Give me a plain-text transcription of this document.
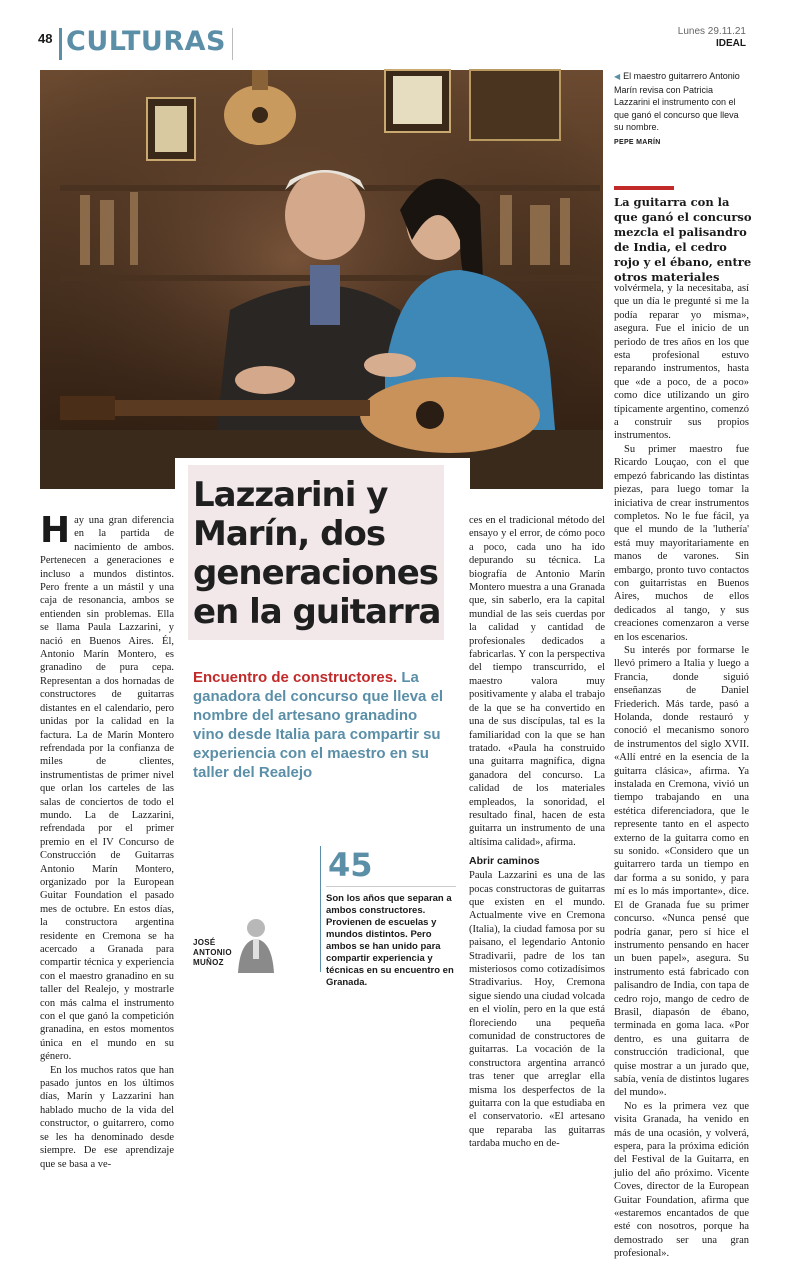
48 CULTURAS	Lunes 29.11.21
IDEAL
◀ El maestro guitarrero Antonio Marín revisa con Patricia Lazzarini el instrumento con el que ganó el concurso que lleva su nombre.
PEPE MARÍN
La guitarra con la que ganó el concurso mezcla el palisandro de India, el cedro rojo y el ébano, entre otros materiales
Lazzarini y Marín, dos generaciones en la guitarra
Encuentro de constructores. La ganadora del concurso que lleva el nombre del artesano granadino vino desde Italia para compartir su experiencia con el maestro en su taller del Realejo

Hay una gran diferencia en la partida de nacimiento de ambos. Pertenecen a generaciones e incluso a mundos distintos. Pero frente a un mástil y una caja de resonancia, ambos se entienden sin problemas. Ella se llama Paula Lazzarini, y nació en Buenos Aires. Él, Antonio Marín Montero, es granadino de pura cepa. Representan a dos hornadas de constructores de guitarras distantes en el calendario, pero unidas por la calidad en la factura. La de Marín Montero refrendada por la confianza de miles de clientes, instrumentistas de primer nivel que orlan los carteles de las salas de conciertos de todo el mundo. La de Lazzarini, refrendada por el primer premio en el IV Concurso de Construcción de Guitarras Antonio Marín Montero, organizado por la European Guitar Foundation el pasado mes de octubre. En estos días, la constructora argentina residente en Cremona se ha acercado a Granada para compartir técnica y experiencia con el maestro granadino en su taller del Realejo, y mostrarle con más calma el instrumento con el que ganó la competición granadina, en estos momentos única en el mundo en su género.

En los muchos ratos que han pasado juntos en los últimos días, Marín y Lazzarini han hablado mucho de la vida del constructor, o guitarrero, como se les ha denominado desde siempre. De ese aprendizaje que se basa a ve-

ces en el tradicional método del ensayo y el error, de cómo poco a poco, cada uno ha ido depurando su técnica. La biografía de Antonio Marín Montero muestra a una Granada que, sin saberlo, era la capital mundial de las seis cuerdas por la calidad y cantidad de profesionales dedicados a fabricarlas. Y con la perspectiva del tiempo transcurrido, el maestro valora muy positivamente y alaba el trabajo de la que se ha convertido en una de sus discípulas, tal es la familiaridad con la que se han tratado. «Paula ha construido una guitarra magnífica, digna ganadora del concurso. La calidad de los materiales empleados, la sonoridad, el resultado final, hacen de esta guitarra un instrumento de una altísima calidad», afirma.

Abrir caminos

Paula Lazzarini es una de las pocas constructoras de guitarras que existen en el mundo. Actualmente vive en Cremona (Italia), la ciudad famosa por su paisano, el legendario Antonio Stradivarii, padre de los tan misteriosos como cotizadísimos Stradivarius. Hoy, Cremona sigue siendo una ciudad volcada en el violín, pero en la que está floreciendo una pequeña comunidad de constructores de guitarras. La vocación de la constructora argentina arrancó tras tener que arreglar ella misma los desperfectos de la guitarra con la que estudiaba en el conservatorio. «El artesano que reparaba las guitarras tardaba mucho en de-

volvérmela, y la necesitaba, así que un día le pregunté si me la podía reparar yo misma», asegura. Fue el inicio de un periodo de tres años en los que esta profesional estuvo reparando instrumentos, hasta que «de a poco, de a poco» como dice utilizando un giro típicamente argentino, comenzó a construir sus propios instrumentos.

Su primer maestro fue Ricardo Louçao, con el que empezó fabricando las distintas piezas, para luego tomar la iniciativa de crear instrumentos completos. No le fue fácil, ya que el mundo de la 'luthería' está muy mayoritariamente en manos de varones. Sin embargo, pronto tuvo contactos con guitarristas en Buenos Aires, muchos de ellos dedicados al tango, y sus creaciones comenzaron a verse en los escenarios.

Su interés por formarse le llevó primero a Italia y luego a Francia, donde siguió enseñanzas de Daniel Friederich. Más tarde, pasó a Holanda, donde restauró y conoció el mecanismo sonoro de instrumentos del siglo XVII. «Allí entré en la esencia de la guitarra clásica», afirma. Ya instalada en Cremona, vivió un tiempo trabajando en una estética diferenciadora, que le represente tanto en el aspecto externo de la guitarra como en su sonido. «Considero que un guitarrero tarda un tiempo en dar forma a su sonido, y para mí es lo más importante», dice. El de Granada fue su primer concurso. «Nunca pensé que podría ganar, pero sí hice el instrumento pensando en hacer un buen papel», asegura. Su instrumento está fabricado con palisandro de India, con tapa de cedro rojo, mango de cedro de Brasil, diapasón de ébano, terminada en goma laca. «Por dentro, es una guitarra de construcción tradicional, que quise mostrar a un jurado que, sabía, venía de distintos lugares del mundo».

No es la primera vez que visita Granada, ha venido en más de una ocasión, y volverá, espera, para la próxima edición del Festival de la Guitarra, en julio del año próximo. Vicente Coves, director de la European Guitar Foundation, afirma que «estaremos encantados de que esté con nosotros, porque ha demostrado ser una gran profesional».

45
Son los años que separan a ambos constructores. Provienen de escuelas y mundos distintos. Pero ambos se han unido para compartir experiencia y técnicas en su encuentro en Granada.
JOSÉ
ANTONIO
MUÑOZ
